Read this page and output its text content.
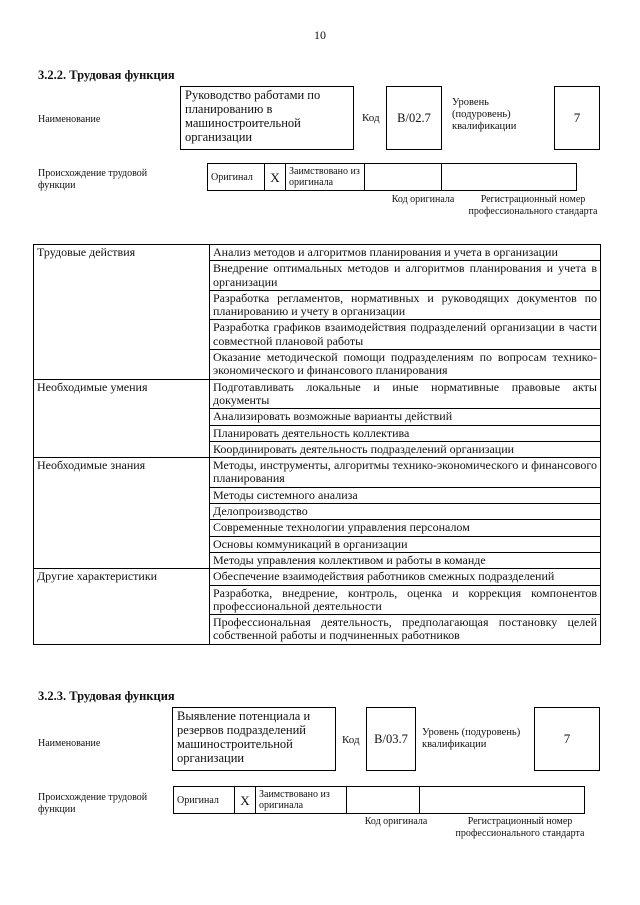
10
3.2.2. Трудовая функция
Наименование
Руководство работами по планированию в машиностроительной организации
Код	B/02.7
Уровень (подуровень) квалификации
7
Происхождение трудовой функции
Оригинал	X	Заимствовано из оригинала		
Код оригинала	Регистрационный номер профессионального стандарта
Трудовые действия	Анализ методов и алгоритмов планирования и учета в организации
	Внедрение оптимальных методов и алгоритмов планирования и учета в организации
	Разработка регламентов, нормативных и руководящих документов по планированию и учету в организации
	Разработка графиков взаимодействия подразделений организации в части совместной плановой работы
	Оказание методической помощи подразделениям по вопросам технико-экономического и финансового планирования
Необходимые умения	Подготавливать локальные и иные нормативные правовые акты документы
	Анализировать возможные варианты действий
	Планировать деятельность коллектива
	Координировать деятельность подразделений организации
Необходимые знания	Методы, инструменты, алгоритмы технико-экономического и финансового планирования
	Методы системного анализа
	Делопроизводство
	Современные технологии управления персоналом
	Основы коммуникаций в организации
	Методы управления коллективом и работы в команде
Другие характеристики	Обеспечение взаимодействия работников смежных подразделений
	Разработка, внедрение, контроль, оценка и коррекция компонентов профессиональной деятельности
	Профессиональная деятельность, предполагающая постановку целей собственной работы и подчиненных работников
3.2.3. Трудовая функция
Наименование
Выявление потенциала и резервов подразделений машиностроительной организации
Код	B/03.7	Уровень (подуровень) квалификации	7
Происхождение трудовой функции
Оригинал	X	Заимствовано из оригинала		
Код оригинала	Регистрационный номер профессионального стандарта
